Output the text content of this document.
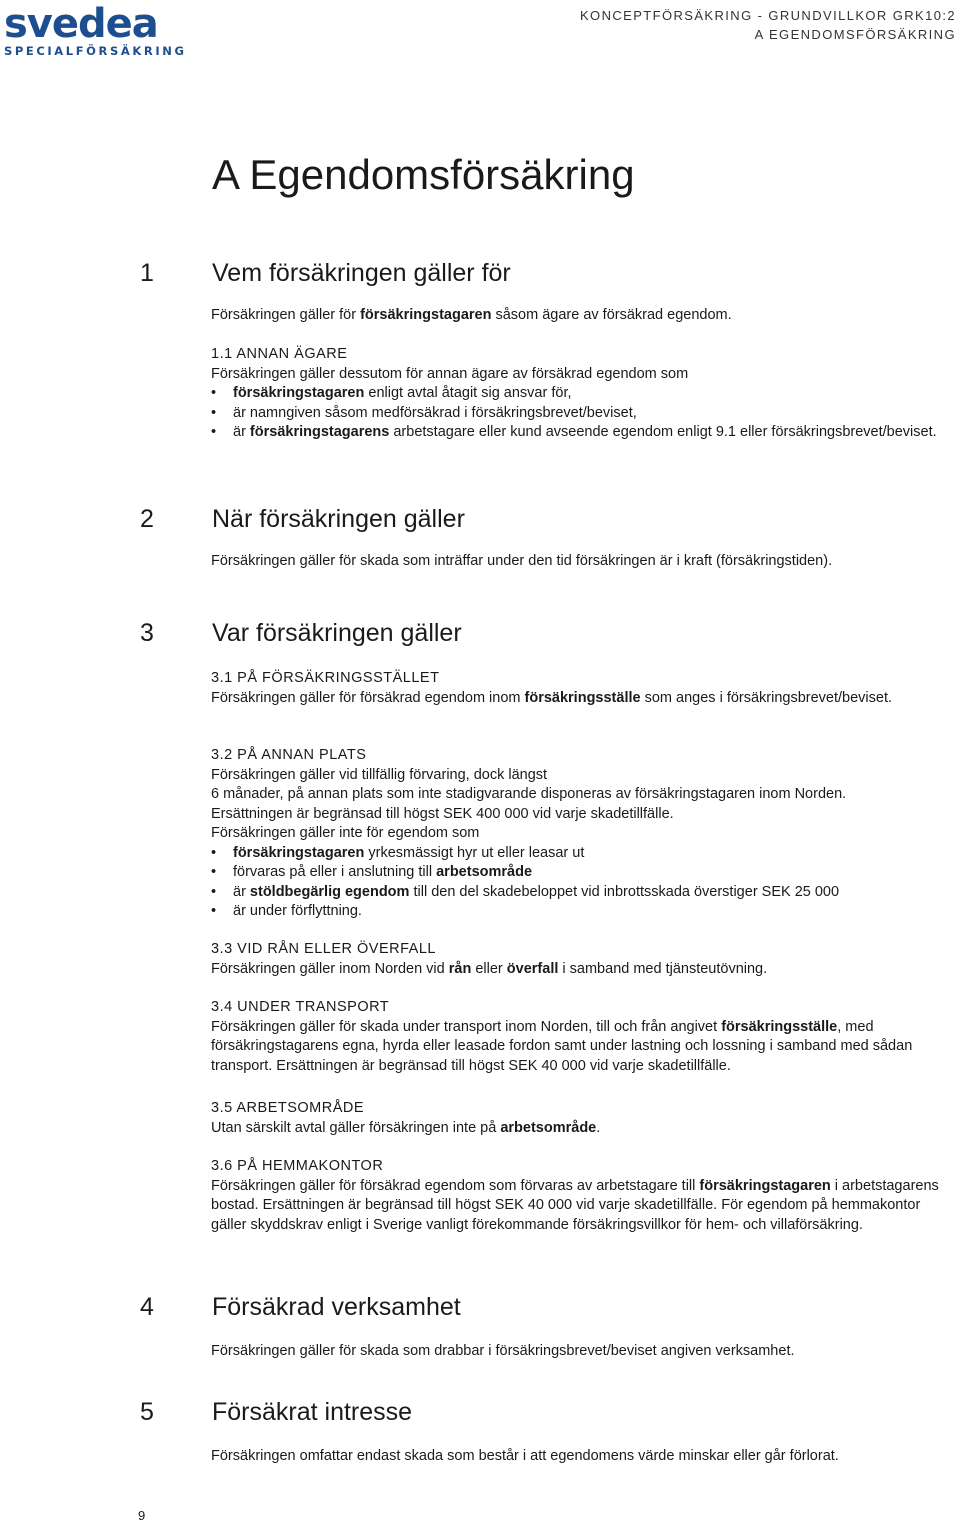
svedea
SPECIALFÖRSÄKRING
KONCEPTFÖRSÄKRING - GRUNDVILLKOR GRK10:2
A EGENDOMSFÖRSÄKRING
A Egendomsförsäkring
1 Vem försäkringen gäller för

Försäkringen gäller för försäkringstagaren såsom ägare av försäkrad egendom.

1.1 ANNAN ÄGARE

Försäkringen gäller dessutom för annan ägare av försäkrad egendom som

• försäkringstagaren enligt avtal åtagit sig ansvar för,
• är namngiven såsom medförsäkrad i försäkringsbrevet/beviset,
• är försäkringstagarens arbetstagare eller kund avseende egendom enligt 9.1 eller försäkringsbrevet/beviset.
2 När försäkringen gäller

Försäkringen gäller för skada som inträffar under den tid försäkringen är i kraft (försäkringstiden).

3 Var försäkringen gäller

3.1 PÅ FÖRSÄKRINGSSTÄLLET

Försäkringen gäller för försäkrad egendom inom försäkringsställe som anges i försäkringsbrevet/beviset.

3.2 PÅ ANNAN PLATS

Försäkringen gäller vid tillfällig förvaring, dock längst

6 månader, på annan plats som inte stadigvarande disponeras av försäkringstagaren inom Norden.

Ersättningen är begränsad till högst SEK 400 000 vid varje skadetillfälle.

Försäkringen gäller inte för egendom som

• försäkringstagaren yrkesmässigt hyr ut eller leasar ut
• förvaras på eller i anslutning till arbetsområde
• är stöldbegärlig egendom till den del skadebeloppet vid inbrottsskada överstiger SEK 25 000
• är under förflyttning.

3.3 VID RÅN ELLER ÖVERFALL

Försäkringen gäller inom Norden vid rån eller överfall i samband med tjänsteutövning.

3.4 UNDER TRANSPORT

Försäkringen gäller för skada under transport inom Norden, till och från angivet försäkringsställe, med försäkringstagarens egna, hyrda eller leasade fordon samt under lastning och lossning i samband med sådan transport. Ersättningen är begränsad till högst SEK 40 000 vid varje skadetillfälle.

3.5 ARBETSOMRÅDE

Utan särskilt avtal gäller försäkringen inte på arbetsområde.

3.6 PÅ HEMMAKONTOR

Försäkringen gäller för försäkrad egendom som förvaras av arbetstagare till försäkringstagaren i arbetstagarens bostad. Ersättningen är begränsad till högst SEK 40 000 vid varje skadetillfälle. För egendom på hemmakontor gäller skyddskrav enligt i Sverige vanligt förekommande försäkringsvillkor för hem- och villaförsäkring.

4 Försäkrad verksamhet

Försäkringen gäller för skada som drabbar i försäkringsbrevet/beviset angiven verksamhet.

5 Försäkrat intresse

Försäkringen omfattar endast skada som består i att egendomens värde minskar eller går förlorat.

9
